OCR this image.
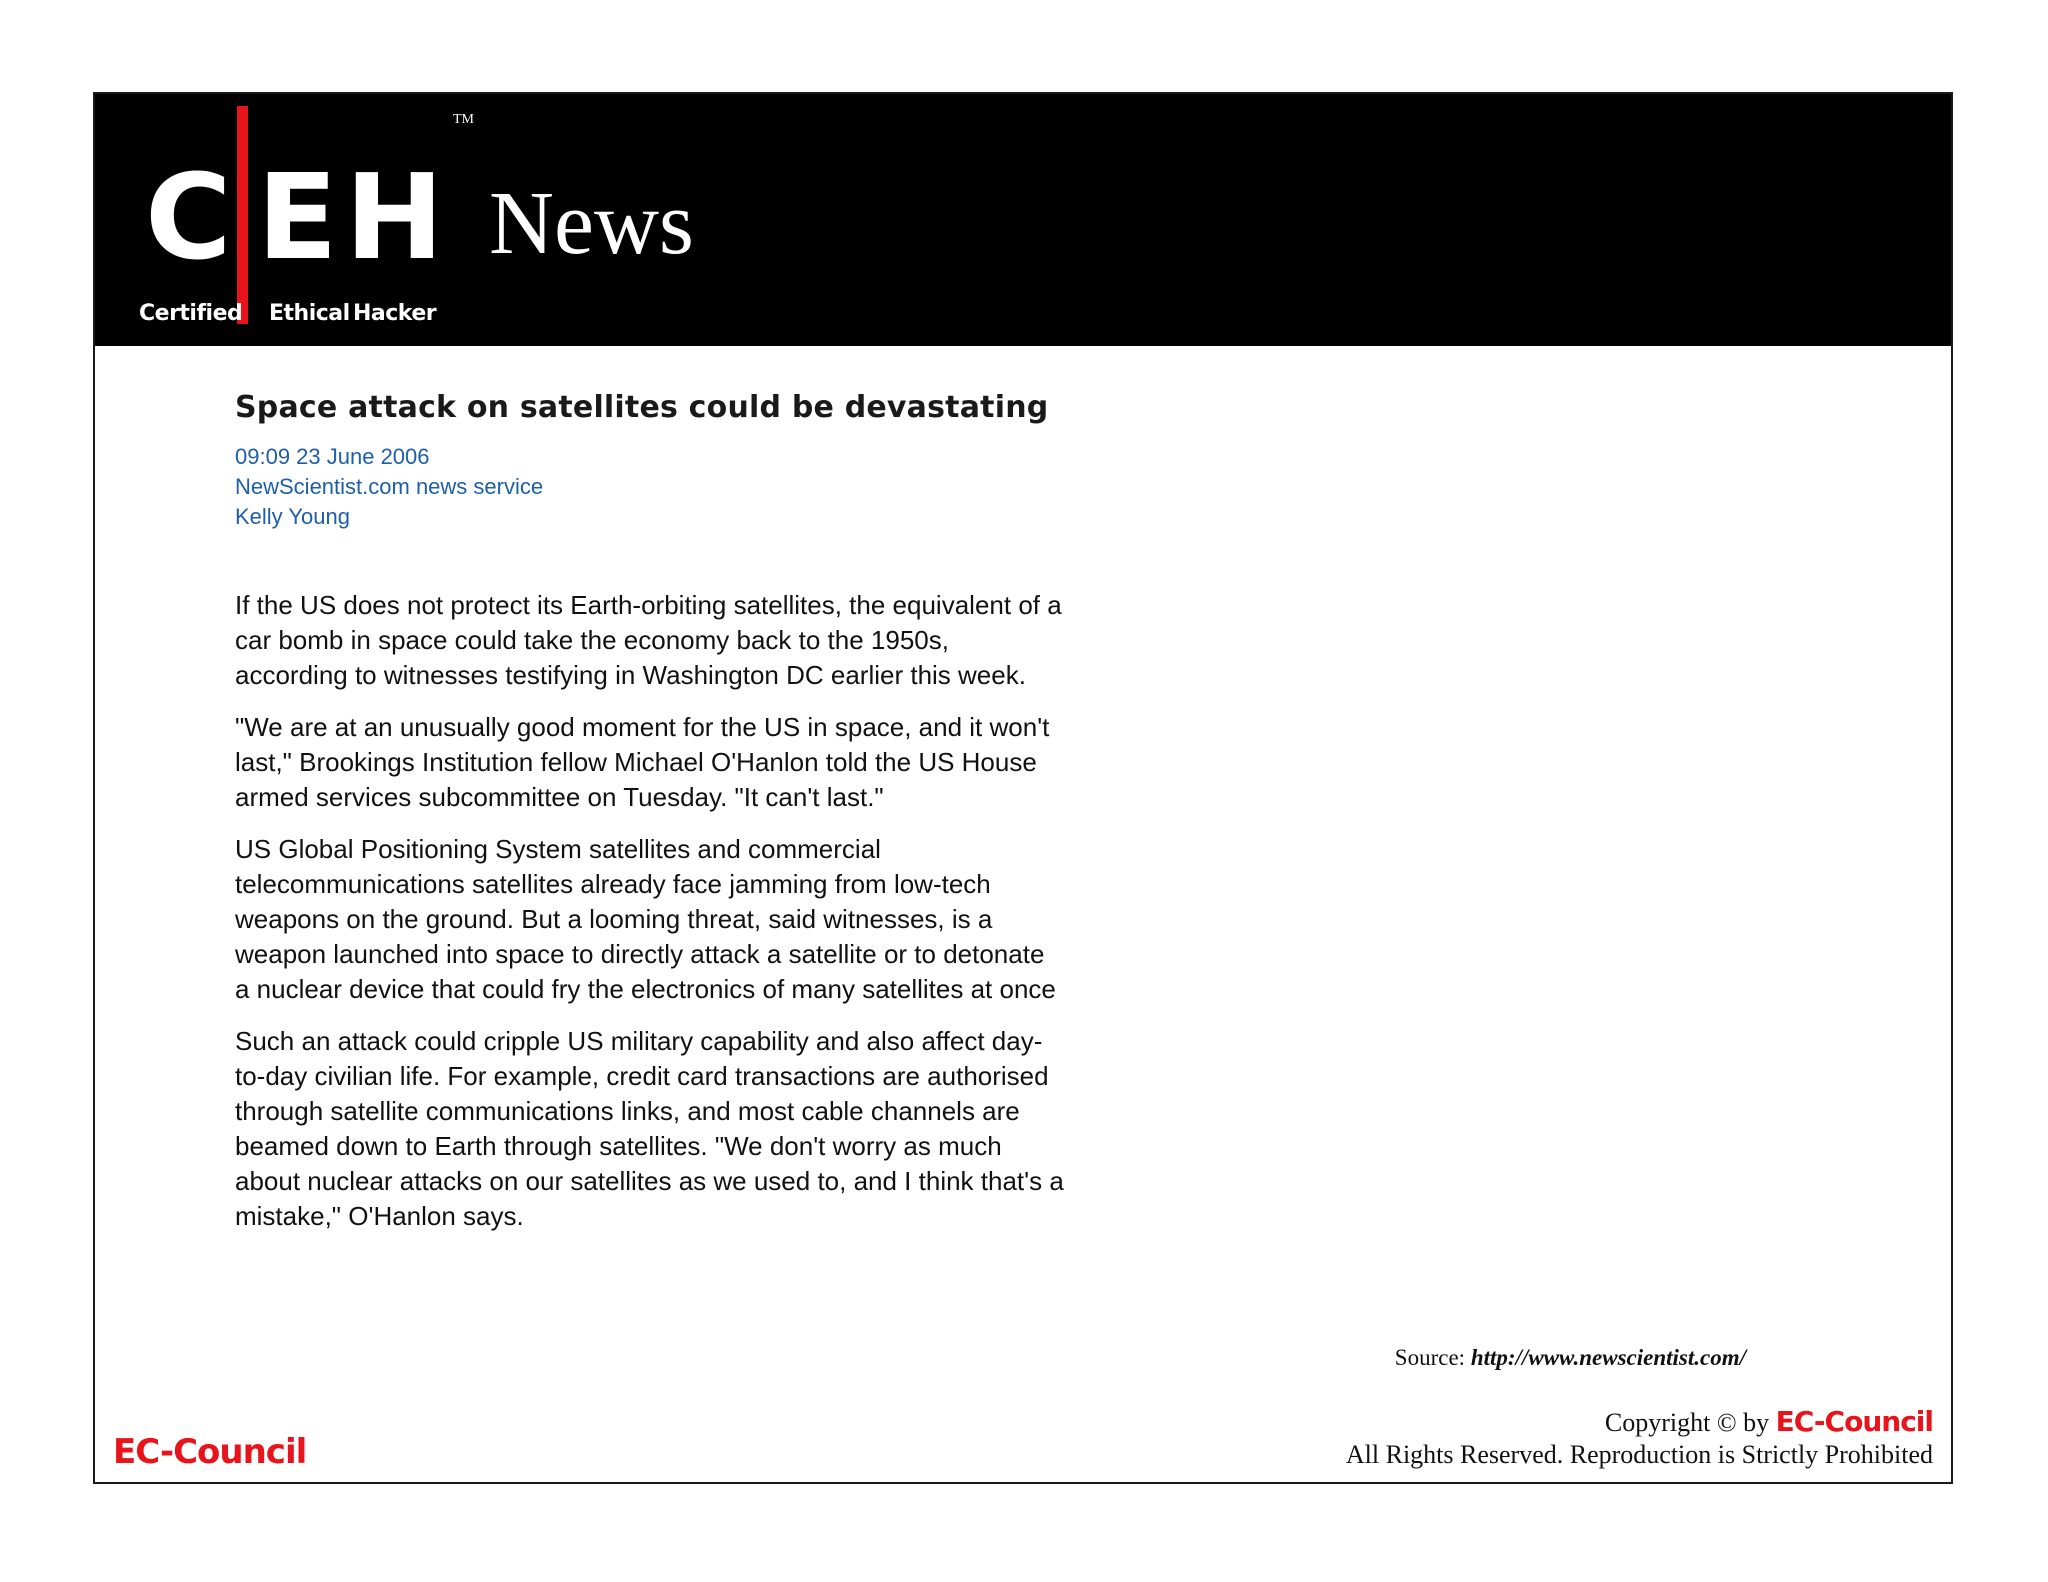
C E H
Certified Ethical Hacker
TM
News
Space attack on satellites could be devastating
09:09 23 June 2006
NewScientist.com news service
Kelly Young

If the US does not protect its Earth-orbiting satellites, the equivalent of a car bomb in space could take the economy back to the 1950s, according to witnesses testifying in Washington DC earlier this week.

"We are at an unusually good moment for the US in space, and it won't last," Brookings Institution fellow Michael O'Hanlon told the US House armed services subcommittee on Tuesday. "It can't last."

US Global Positioning System satellites and commercial telecommunications satellites already face jamming from low-tech weapons on the ground. But a looming threat, said witnesses, is a weapon launched into space to directly attack a satellite or to detonate a nuclear device that could fry the electronics of many satellites at once

Such an attack could cripple US military capability and also affect day-to-day civilian life. For example, credit card transactions are authorised through satellite communications links, and most cable channels are beamed down to Earth through satellites. "We don't worry as much about nuclear attacks on our satellites as we used to, and I think that's a mistake," O'Hanlon says.

Source: http://www.newscientist.com/
Copyright © by EC-Council
All Rights Reserved. Reproduction is Strictly Prohibited
EC-Council
